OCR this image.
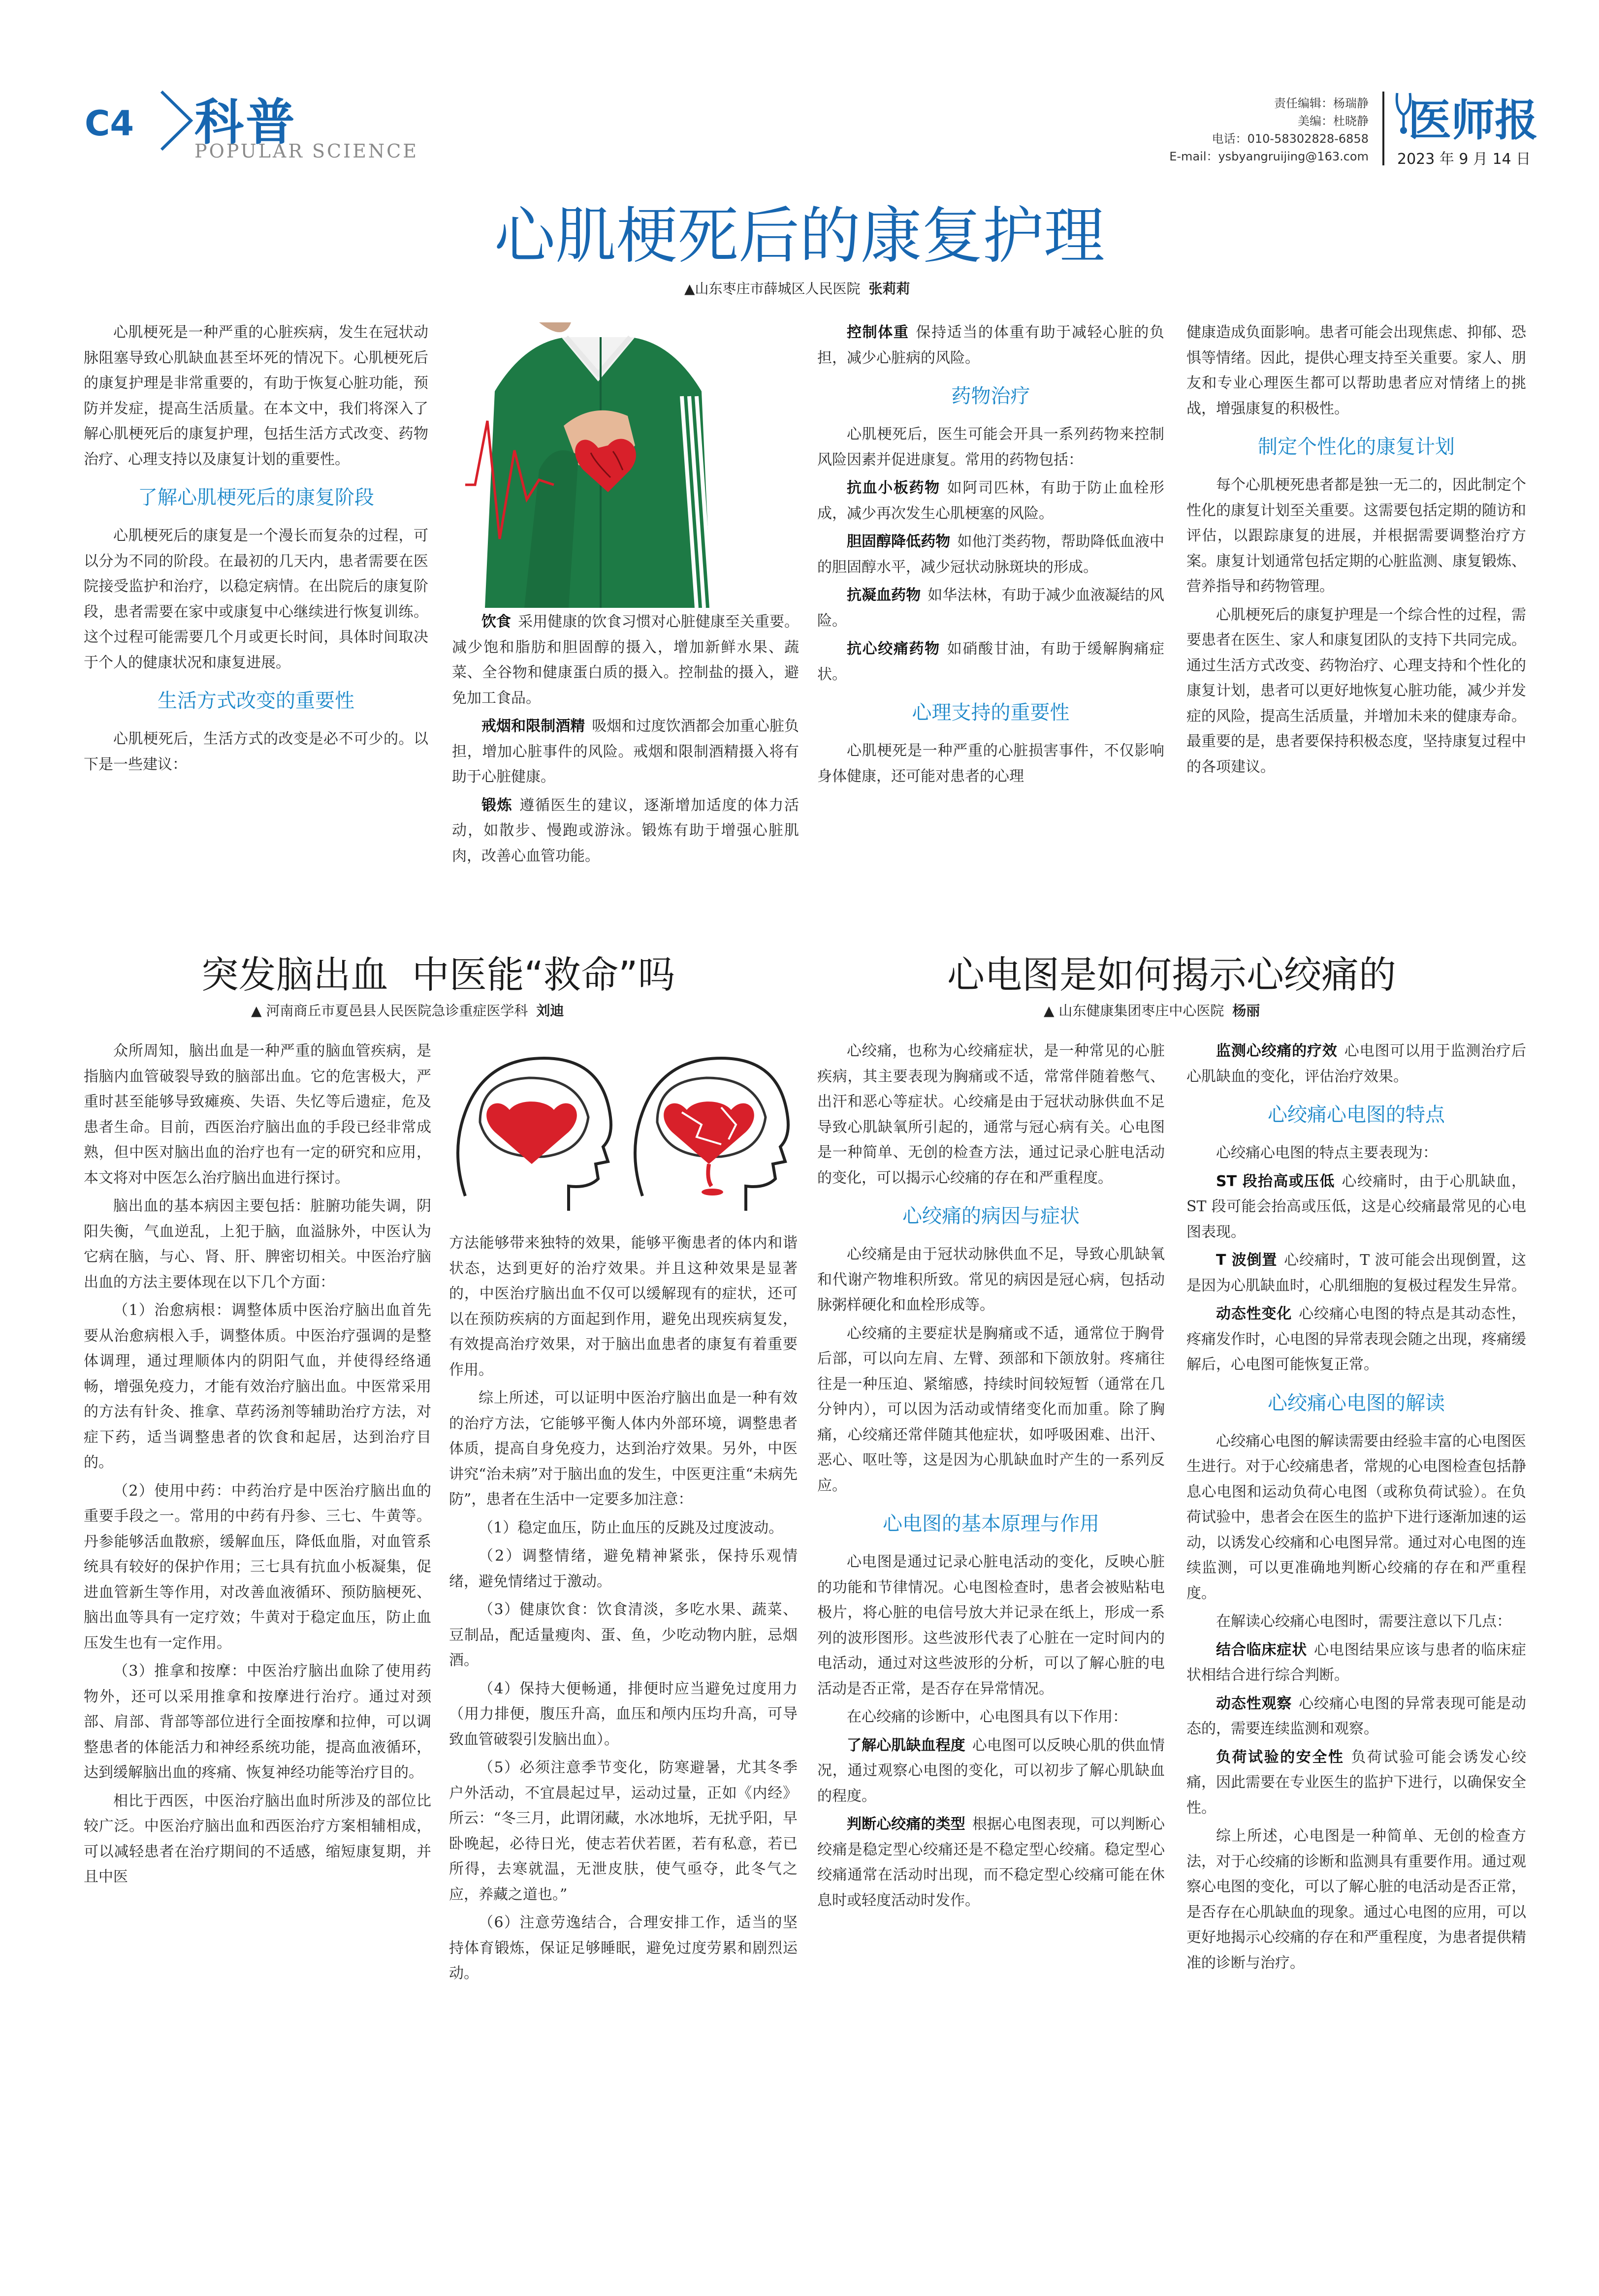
C4 科普
POPULAR SCIENCE
责任编辑：杨瑞静
美编：杜晓静
电话：010-58302828-6858
E-mail：ysbyangruijing@163.com
医师报
2023 年 9 月 14 日
心肌梗死后的康复护理
▲山东枣庄市薛城区人民医院 张莉莉

心肌梗死是一种严重的心脏疾病，发生在冠状动脉阻塞导致心肌缺血甚至坏死的情况下。心肌梗死后的康复护理是非常重要的，有助于恢复心脏功能，预防并发症，提高生活质量。在本文中，我们将深入了解心肌梗死后的康复护理，包括生活方式改变、药物治疗、心理支持以及康复计划的重要性。

了解心肌梗死后的康复阶段

心肌梗死后的康复是一个漫长而复杂的过程，可以分为不同的阶段。在最初的几天内，患者需要在医院接受监护和治疗，以稳定病情。在出院后的康复阶段，患者需要在家中或康复中心继续进行恢复训练。这个过程可能需要几个月或更长时间，具体时间取决于个人的健康状况和康复进展。

生活方式改变的重要性

心肌梗死后，生活方式的改变是必不可少的。以下是一些建议：

饮食 采用健康的饮食习惯对心脏健康至关重要。减少饱和脂肪和胆固醇的摄入，增加新鲜水果、蔬菜、全谷物和健康蛋白质的摄入。控制盐的摄入，避免加工食品。

戒烟和限制酒精 吸烟和过度饮酒都会加重心脏负担，增加心脏事件的风险。戒烟和限制酒精摄入将有助于心脏健康。

锻炼 遵循医生的建议，逐渐增加适度的体力活动，如散步、慢跑或游泳。锻炼有助于增强心脏肌肉，改善心血管功能。

控制体重 保持适当的体重有助于减轻心脏的负担，减少心脏病的风险。

药物治疗

心肌梗死后，医生可能会开具一系列药物来控制风险因素并促进康复。常用的药物包括：

抗血小板药物 如阿司匹林，有助于防止血栓形成，减少再次发生心肌梗塞的风险。

胆固醇降低药物 如他汀类药物，帮助降低血液中的胆固醇水平，减少冠状动脉斑块的形成。

抗凝血药物 如华法林，有助于减少血液凝结的风险。

抗心绞痛药物 如硝酸甘油，有助于缓解胸痛症状。

心理支持的重要性

心肌梗死是一种严重的心脏损害事件，不仅影响身体健康，还可能对患者的心理

健康造成负面影响。患者可能会出现焦虑、抑郁、恐惧等情绪。因此，提供心理支持至关重要。家人、朋友和专业心理医生都可以帮助患者应对情绪上的挑战，增强康复的积极性。

制定个性化的康复计划

每个心肌梗死患者都是独一无二的，因此制定个性化的康复计划至关重要。这需要包括定期的随访和评估，以跟踪康复的进展，并根据需要调整治疗方案。康复计划通常包括定期的心脏监测、康复锻炼、营养指导和药物管理。

心肌梗死后的康复护理是一个综合性的过程，需要患者在医生、家人和康复团队的支持下共同完成。通过生活方式改变、药物治疗、心理支持和个性化的康复计划，患者可以更好地恢复心脏功能，减少并发症的风险，提高生活质量，并增加未来的健康寿命。最重要的是，患者要保持积极态度，坚持康复过程中的各项建议。

突发脑出血  中医能“救命”吗
▲ 河南商丘市夏邑县人民医院急诊重症医学科 刘迪

众所周知，脑出血是一种严重的脑血管疾病，是指脑内血管破裂导致的脑部出血。它的危害极大，严重时甚至能够导致瘫痪、失语、失忆等后遗症，危及患者生命。目前，西医治疗脑出血的手段已经非常成熟，但中医对脑出血的治疗也有一定的研究和应用，本文将对中医怎么治疗脑出血进行探讨。

脑出血的基本病因主要包括：脏腑功能失调，阴阳失衡，气血逆乱，上犯于脑，血溢脉外，中医认为它病在脑，与心、肾、肝、脾密切相关。中医治疗脑出血的方法主要体现在以下几个方面：

（1）治愈病根：调整体质中医治疗脑出血首先要从治愈病根入手，调整体质。中医治疗强调的是整体调理，通过理顺体内的阴阳气血，并使得经络通畅，增强免疫力，才能有效治疗脑出血。中医常采用的方法有针灸、推拿、草药汤剂等辅助治疗方法，对症下药，适当调整患者的饮食和起居，达到治疗目的。

（2）使用中药：中药治疗是中医治疗脑出血的重要手段之一。常用的中药有丹参、三七、牛黄等。丹参能够活血散瘀，缓解血压，降低血脂，对血管系统具有较好的保护作用；三七具有抗血小板凝集，促进血管新生等作用，对改善血液循环、预防脑梗死、脑出血等具有一定疗效；牛黄对于稳定血压，防止血压发生也有一定作用。

（3）推拿和按摩：中医治疗脑出血除了使用药物外，还可以采用推拿和按摩进行治疗。通过对颈部、肩部、背部等部位进行全面按摩和拉伸，可以调整患者的体能活力和神经系统功能，提高血液循环，达到缓解脑出血的疼痛、恢复神经功能等治疗目的。

相比于西医，中医治疗脑出血时所涉及的部位比较广泛。中医治疗脑出血和西医治疗方案相辅相成，可以减轻患者在治疗期间的不适感，缩短康复期，并且中医

方法能够带来独特的效果，能够平衡患者的体内和谐状态，达到更好的治疗效果。并且这种效果是显著的，中医治疗脑出血不仅可以缓解现有的症状，还可以在预防疾病的方面起到作用，避免出现疾病复发，有效提高治疗效果，对于脑出血患者的康复有着重要作用。

综上所述，可以证明中医治疗脑出血是一种有效的治疗方法，它能够平衡人体内外部环境，调整患者体质，提高自身免疫力，达到治疗效果。另外，中医讲究“治未病”对于脑出血的发生，中医更注重“未病先防”，患者在生活中一定要多加注意：

（1）稳定血压，防止血压的反跳及过度波动。

（2）调整情绪，避免精神紧张，保持乐观情绪，避免情绪过于激动。

（3）健康饮食：饮食清淡，多吃水果、蔬菜、豆制品，配适量瘦肉、蛋、鱼，少吃动物内脏，忌烟酒。

（4）保持大便畅通，排便时应当避免过度用力（用力排便，腹压升高，血压和颅内压均升高，可导致血管破裂引发脑出血）。

（5）必须注意季节变化，防寒避暑，尤其冬季户外活动，不宜晨起过早，运动过量，正如《内经》所云：“冬三月，此谓闭藏，水冰地坼，无扰乎阳，早卧晚起，必待日光，使志若伏若匿，若有私意，若已所得，去寒就温，无泄皮肤，使气亟夺，此冬气之应，养藏之道也。”

（6）注意劳逸结合，合理安排工作，适当的坚持体育锻炼，保证足够睡眠，避免过度劳累和剧烈运动。

心电图是如何揭示心绞痛的
▲ 山东健康集团枣庄中心医院 杨丽

心绞痛，也称为心绞痛症状，是一种常见的心脏疾病，其主要表现为胸痛或不适，常常伴随着憋气、出汗和恶心等症状。心绞痛是由于冠状动脉供血不足导致心肌缺氧所引起的，通常与冠心病有关。心电图是一种简单、无创的检查方法，通过记录心脏电活动的变化，可以揭示心绞痛的存在和严重程度。

心绞痛的病因与症状

心绞痛是由于冠状动脉供血不足，导致心肌缺氧和代谢产物堆积所致。常见的病因是冠心病，包括动脉粥样硬化和血栓形成等。

心绞痛的主要症状是胸痛或不适，通常位于胸骨后部，可以向左肩、左臂、颈部和下颌放射。疼痛往往是一种压迫、紧缩感，持续时间较短暂（通常在几分钟内），可以因为活动或情绪变化而加重。除了胸痛，心绞痛还常伴随其他症状，如呼吸困难、出汗、恶心、呕吐等，这是因为心肌缺血时产生的一系列反应。

心电图的基本原理与作用

心电图是通过记录心脏电活动的变化，反映心脏的功能和节律情况。心电图检查时，患者会被贴粘电极片，将心脏的电信号放大并记录在纸上，形成一系列的波形图形。这些波形代表了心脏在一定时间内的电活动，通过对这些波形的分析，可以了解心脏的电活动是否正常，是否存在异常情况。

在心绞痛的诊断中，心电图具有以下作用：

了解心肌缺血程度 心电图可以反映心肌的供血情况，通过观察心电图的变化，可以初步了解心肌缺血的程度。

判断心绞痛的类型 根据心电图表现，可以判断心绞痛是稳定型心绞痛还是不稳定型心绞痛。稳定型心绞痛通常在活动时出现，而不稳定型心绞痛可能在休息时或轻度活动时发作。

监测心绞痛的疗效 心电图可以用于监测治疗后心肌缺血的变化，评估治疗效果。

心绞痛心电图的特点

心绞痛心电图的特点主要表现为：

ST 段抬高或压低 心绞痛时，由于心肌缺血，ST 段可能会抬高或压低，这是心绞痛最常见的心电图表现。

T 波倒置 心绞痛时，T 波可能会出现倒置，这是因为心肌缺血时，心肌细胞的复极过程发生异常。

动态性变化 心绞痛心电图的特点是其动态性，疼痛发作时，心电图的异常表现会随之出现，疼痛缓解后，心电图可能恢复正常。

心绞痛心电图的解读

心绞痛心电图的解读需要由经验丰富的心电图医生进行。对于心绞痛患者，常规的心电图检查包括静息心电图和运动负荷心电图（或称负荷试验）。在负荷试验中，患者会在医生的监护下进行逐渐加速的运动，以诱发心绞痛和心电图异常。通过对心电图的连续监测，可以更准确地判断心绞痛的存在和严重程度。

在解读心绞痛心电图时，需要注意以下几点：

结合临床症状 心电图结果应该与患者的临床症状相结合进行综合判断。

动态性观察 心绞痛心电图的异常表现可能是动态的，需要连续监测和观察。

负荷试验的安全性 负荷试验可能会诱发心绞痛，因此需要在专业医生的监护下进行，以确保安全性。

综上所述，心电图是一种简单、无创的检查方法，对于心绞痛的诊断和监测具有重要作用。通过观察心电图的变化，可以了解心脏的电活动是否正常，是否存在心肌缺血的现象。通过心电图的应用，可以更好地揭示心绞痛的存在和严重程度，为患者提供精准的诊断与治疗。
